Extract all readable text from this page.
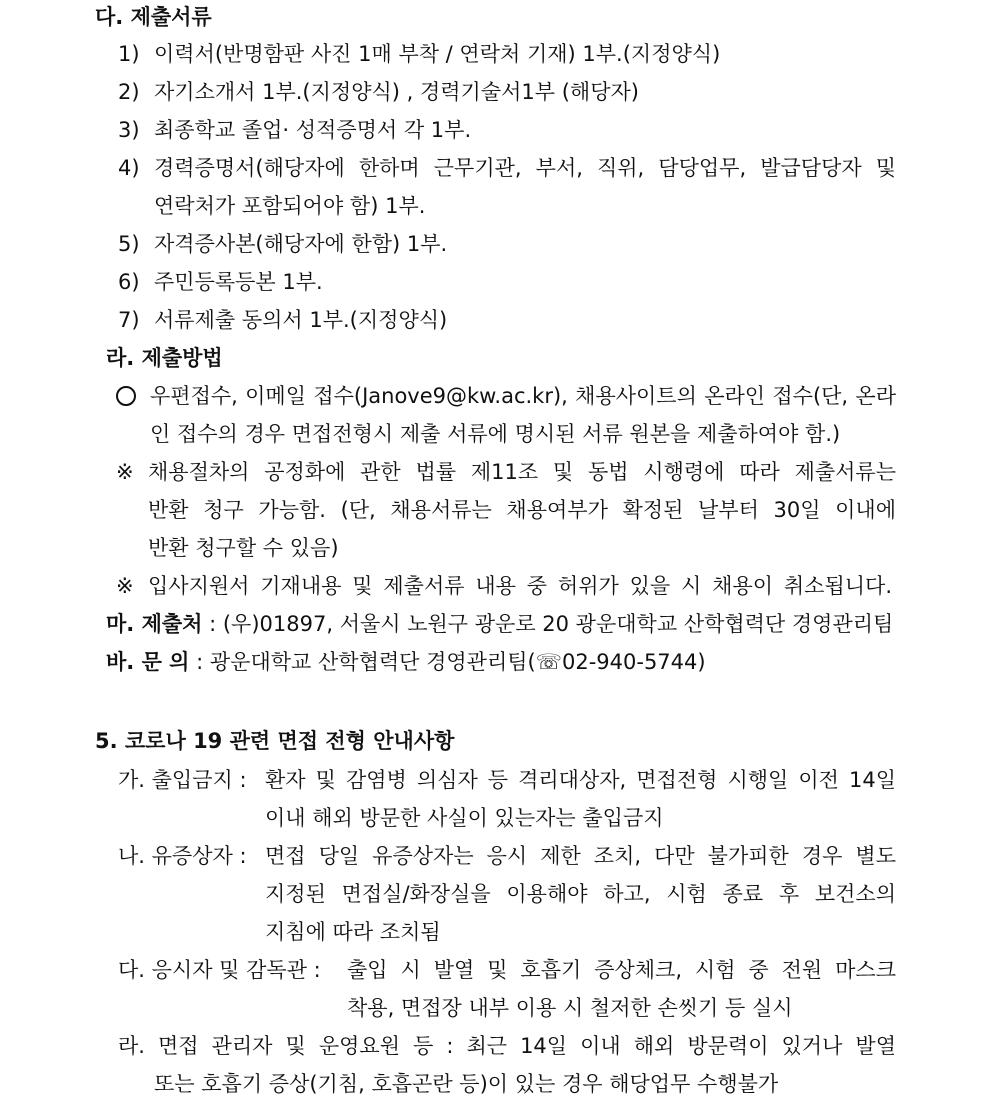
다. 제출서류
1) 이력서(반명함판 사진 1매 부착 / 연락처 기재) 1부.(지정양식)
2) 자기소개서 1부.(지정양식) , 경력기술서1부 (해당자)
3) 최종학교 졸업· 성적증명서 각 1부.
4) 경력증명서(해당자에 한하며 근무기관, 부서, 직위, 담당업무, 발급담당자 및
연락처가 포함되어야 함) 1부.
5) 자격증사본(해당자에 한함) 1부.
6) 주민등록등본 1부.
7) 서류제출 동의서 1부.(지정양식)
라. 제출방법
우편접수, 이메일 접수(Janove9@kw.ac.kr), 채용사이트의 온라인 접수(단, 온라
인 접수의 경우 면접전형시 제출 서류에 명시된 서류 원본을 제출하여야 함.)
※ 채용절차의 공정화에 관한 법률 제11조 및 동법 시행령에 따라 제출서류는
반환 청구 가능함. (단, 채용서류는 채용여부가 확정된 날부터 30일 이내에
반환 청구할 수 있음)
※ 입사지원서 기재내용 및 제출서류 내용 중 허위가 있을 시 채용이 취소됩니다.
마. 제출처 : (우)01897, 서울시 노원구 광운로 20 광운대학교 산학협력단 경영관리팀
바. 문 의 : 광운대학교 산학협력단 경영관리팀(☏02-940-5744)
5. 코로나 19 관련 면접 전형 안내사항
가. 출입금지 : 환자 및 감염병 의심자 등 격리대상자, 면접전형 시행일 이전 14일
이내 해외 방문한 사실이 있는자는 출입금지
나. 유증상자 : 면접 당일 유증상자는 응시 제한 조치, 다만 불가피한 경우 별도
지정된 면접실/화장실을 이용해야 하고, 시험 종료 후 보건소의
지침에 따라 조치됨
다. 응시자 및 감독관 : 출입 시 발열 및 호흡기 증상체크, 시험 중 전원 마스크
착용, 면접장 내부 이용 시 철저한 손씻기 등 실시
라. 면접 관리자 및 운영요원 등 : 최근 14일 이내 해외 방문력이 있거나 발열
또는 호흡기 증상(기침, 호흡곤란 등)이 있는 경우 해당업무 수행불가
